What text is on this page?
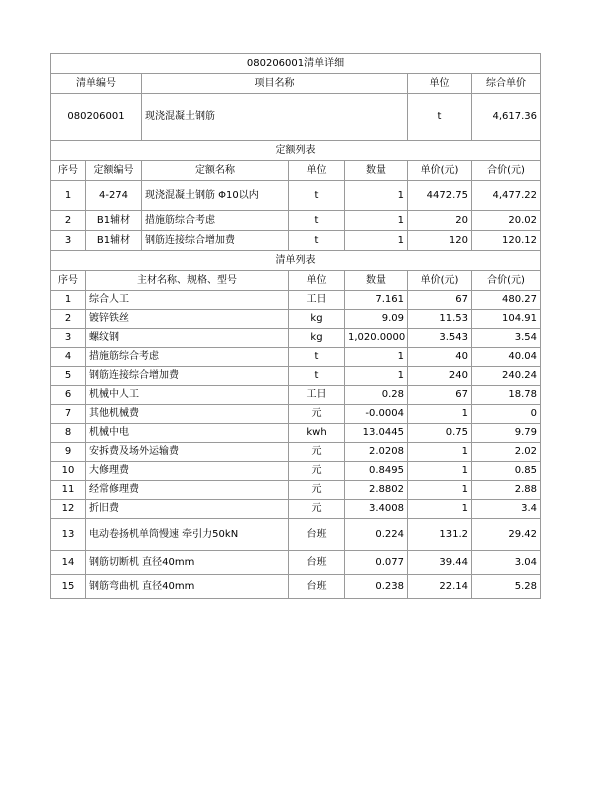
080206001清单详细						
清单编号		项目名称			单位	综合单价
080206001		现浇混凝土钢筋			t	4,617.36
定额列表						
序号	定额编号	定额名称	单位	数量	单价(元)	合价(元)
1	4-274	现浇混凝土钢筋 Φ10以内	t	1	4472.75	4,477.22
2	B1辅材	措施筋综合考虑	t	1	20	20.02
3	B1辅材	钢筋连接综合增加费	t	1	120	120.12
清单列表						
序号	主材名称、规格、型号		单位	数量	单价(元)	合价(元)
1	综合人工		工日	7.161	67	480.27
2	镀锌铁丝		kg	9.09	11.53	104.91
3	螺纹钢		kg	1,020.0000	3.543	3.54
4	措施筋综合考虑		t	1	40	40.04
5	钢筋连接综合增加费		t	1	240	240.24
6	机械中人工		工日	0.28	67	18.78
7	其他机械费		元	-0.0004	1	0
8	机械中电		kwh	13.0445	0.75	9.79
9	安拆费及场外运输费		元	2.0208	1	2.02
10	大修理费		元	0.8495	1	0.85
11	经常修理费		元	2.8802	1	2.88
12	折旧费		元	3.4008	1	3.4
13	电动卷扬机单筒慢速 牵引力50kN		台班	0.224	131.2	29.42
14	钢筋切断机 直径40mm		台班	0.077	39.44	3.04
15	钢筋弯曲机 直径40mm		台班	0.238	22.14	5.28
